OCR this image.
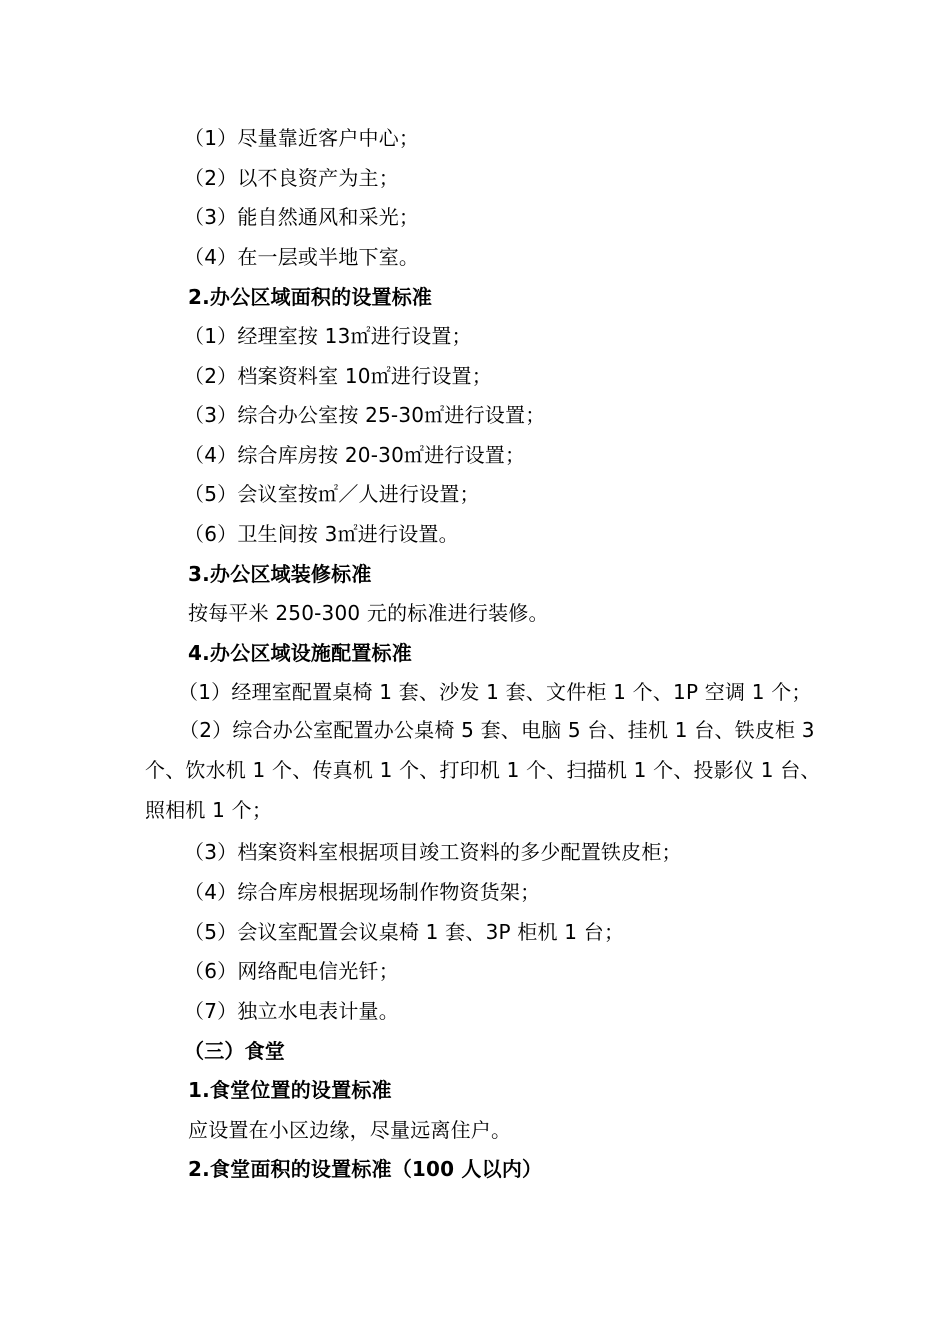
（1）尽量靠近客户中心；
（2）以不良资产为主；
（3）能自然通风和采光；
（4）在一层或半地下室。
2.办公区域面积的设置标准
（1）经理室按 13㎡进行设置；
（2）档案资料室 10㎡进行设置；
（3）综合办公室按 25-30㎡进行设置；
（4）综合库房按 20-30㎡进行设置；
（5）会议室按㎡／人进行设置；
（6）卫生间按 3㎡进行设置。
3.办公区域装修标准
按每平米 250-300 元的标准进行装修。
4.办公区域设施配置标准
（1）经理室配置桌椅 1 套、沙发 1 套、文件柜 1 个、1P 空调 1 个；
（2）综合办公室配置办公桌椅 5 套、电脑 5 台、挂机 1 台、铁皮柜 3 个、饮水机 1 个、传真机 1 个、打印机 1 个、扫描机 1 个、投影仪 1 台、照相机 1 个；
（3）档案资料室根据项目竣工资料的多少配置铁皮柜；
（4）综合库房根据现场制作物资货架；
（5）会议室配置会议桌椅 1 套、3P 柜机 1 台；
（6）网络配电信光钎；
（7）独立水电表计量。
（三）食堂
1.食堂位置的设置标准
应设置在小区边缘，尽量远离住户。
2.食堂面积的设置标准（100 人以内）
